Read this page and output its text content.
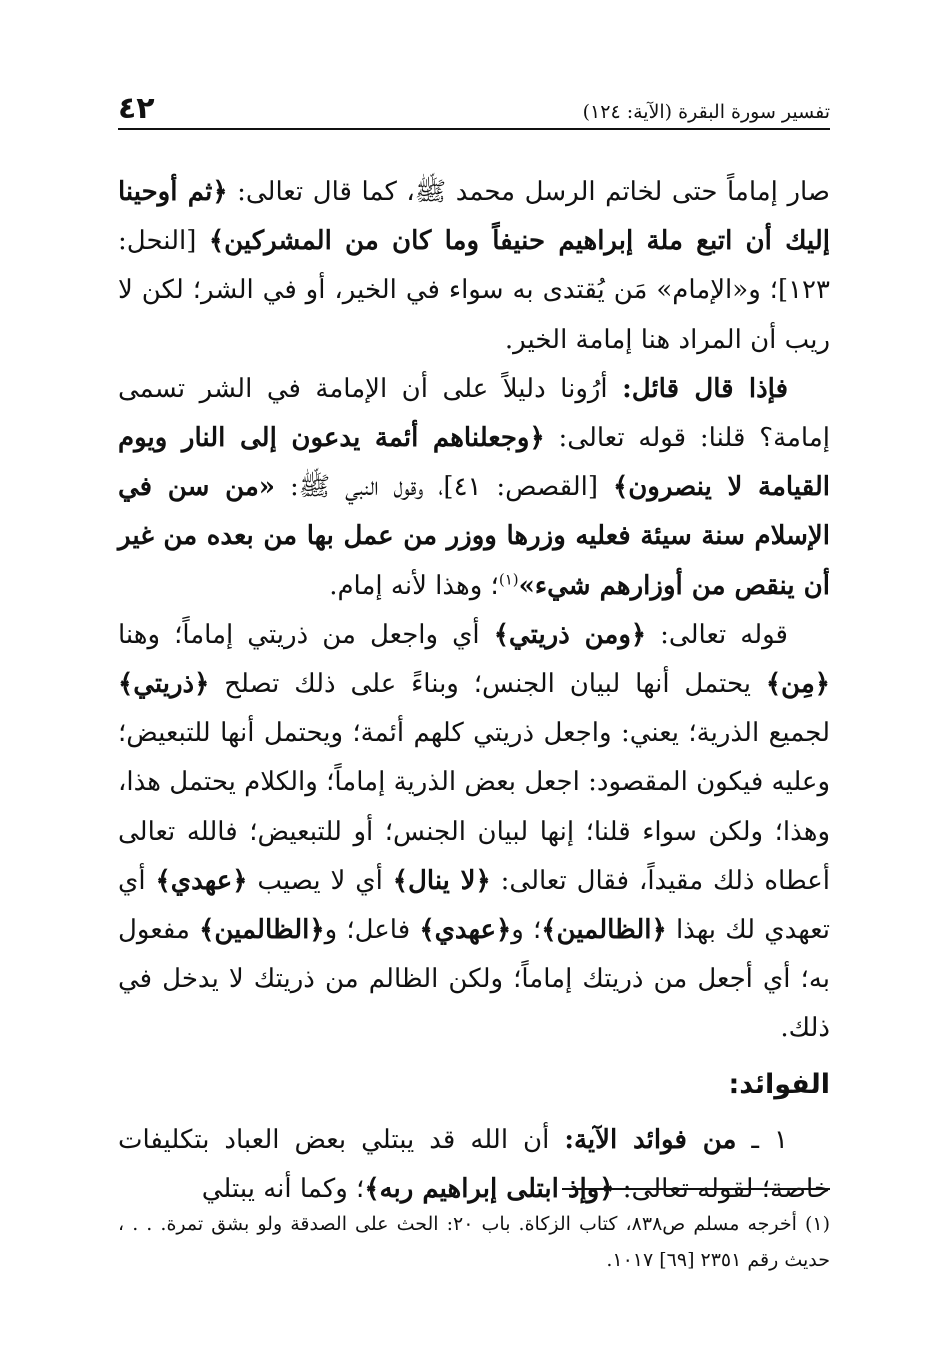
تفسير سورة البقرة (الآية: ١٢٤)
٤٢

صار إماماً حتى لخاتم الرسل محمد ﷺ، كما قال تعالى: ﴿ثم أوحينا إليك أن اتبع ملة إبراهيم حنيفاً وما كان من المشركين﴾ [النحل: ١٢٣]؛ و«الإمام» مَن يُقتدى به سواء في الخير، أو في الشر؛ لكن لا ريب أن المراد هنا إمامة الخير.

فإذا قال قائل: أرُونا دليلاً على أن الإمامة في الشر تسمى إمامة؟ قلنا: قوله تعالى: ﴿وجعلناهم أئمة يدعون إلى النار ويوم القيامة لا ينصرون﴾ [القصص: ٤١]، وقول النبي ﷺ: «من سن في الإسلام سنة سيئة فعليه وزرها ووزر من عمل بها من بعده من غير أن ينقص من أوزارهم شيء»$^{(١)}$؛ وهذا لأنه إمام.

قوله تعالى: ﴿ومن ذريتي﴾ أي واجعل من ذريتي إماماً؛ وهنا ﴿مِن﴾ يحتمل أنها لبيان الجنس؛ وبناءً على ذلك تصلح ﴿ذريتي﴾ لجميع الذرية؛ يعني: واجعل ذريتي كلهم أئمة؛ ويحتمل أنها للتبعيض؛ وعليه فيكون المقصود: اجعل بعض الذرية إماماً؛ والكلام يحتمل هذا، وهذا؛ ولكن سواء قلنا؛ إنها لبيان الجنس؛ أو للتبعيض؛ فالله تعالى أعطاه ذلك مقيداً، فقال تعالى: ﴿لا ينال﴾ أي لا يصيب ﴿عهدي﴾ أي تعهدي لك بهذا ﴿الظالمين﴾؛ و﴿عهدي﴾ فاعل؛ و﴿الظالمين﴾ مفعول به؛ أي أجعل من ذريتك إماماً؛ ولكن الظالم من ذريتك لا يدخل في ذلك.

الفوائد:

١ ـ من فوائد الآية: أن الله قد يبتلي بعض العباد بتكليفات خاصة؛ لقوله تعالى: ﴿وإذ ابتلى إبراهيم ربه﴾؛ وكما أنه يبتلي

(١) أخرجه مسلم ص٨٣٨، كتاب الزكاة. باب ٢٠: الحث على الصدقة ولو بشق تمرة. . . ، حديث رقم ٢٣٥١ [٦٩] ١٠١٧.
